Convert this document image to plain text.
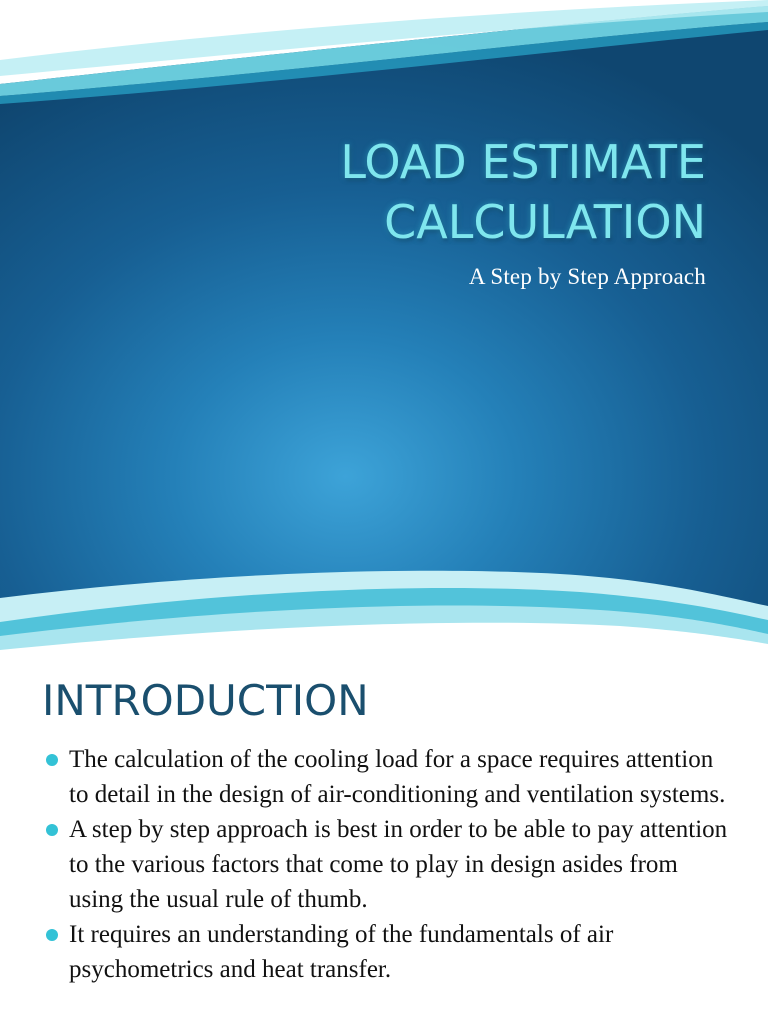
LOAD ESTIMATE
CALCULATION

A Step by Step Approach

INTRODUCTION
The calculation of the cooling load for a space requires attention to detail in the design of air-conditioning and ventilation systems.
A step by step approach is best in order to be able to pay attention to the various factors that come to play in design asides from using the usual rule of thumb.
It requires an understanding of the fundamentals of air psychometrics and heat transfer.
